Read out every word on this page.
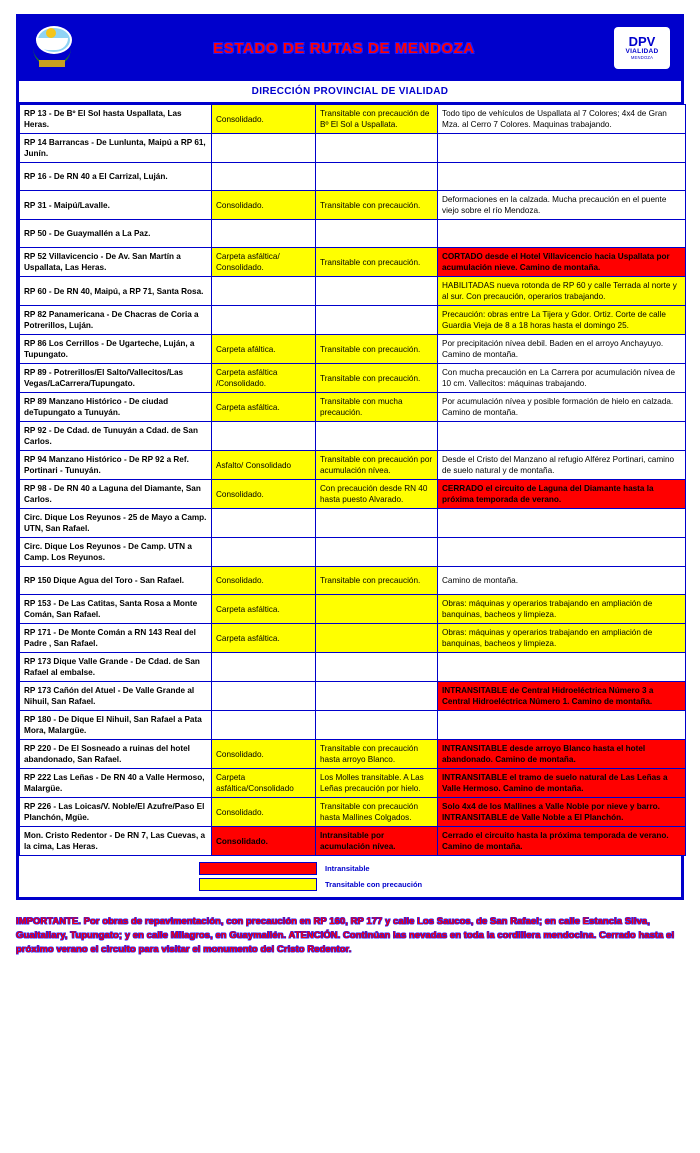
ESTADO DE RUTAS DE MENDOZA	DPV
VIALIDAD
MENDOZA
DIRECCIÓN PROVINCIAL DE VIALIDAD
RP 13 - De Bº El Sol hasta Uspallata, Las Heras.	Consolidado.	Transitable con precaución de Bº El Sol a Uspallata.	Todo tipo de vehículos de Uspallata al 7 Colores; 4x4 de Gran Mza. al Cerro 7 Colores. Maquinas trabajando.
RP 14 Barrancas - De Lunlunta, Maipú a RP 61, Junín.			
RP 16 - De RN 40 a El Carrizal, Luján.			
RP 31 - Maipú/Lavalle.	Consolidado.	Transitable con precaución.	Deformaciones en la calzada. Mucha precaución en el puente viejo sobre el río Mendoza.
RP 50 - De Guaymallén a La Paz.			
RP 52 Villavicencio - De Av. San Martín a Uspallata, Las Heras.	Carpeta asfáltica/ Consolidado.	Transitable con precaución.	CORTADO desde el Hotel Villavicencio hacia Uspallata por acumulación nieve. Camino de montaña.
RP 60 - De RN 40, Maipú, a RP 71, Santa Rosa.			HABILITADAS nueva rotonda de RP 60 y calle Terrada al norte y al sur. Con precaución, operarios trabajando.
RP 82 Panamericana - De Chacras de Coria a Potrerillos, Luján.			Precaución: obras entre La Tijera y Gdor. Ortiz. Corte de calle Guardia Vieja de 8 a 18 horas hasta el domingo 25.
RP 86 Los Cerrillos - De Ugarteche, Luján, a Tupungato.	Carpeta afáltica.	Transitable con precaución.	Por precipitación nívea debil. Baden en el arroyo Anchayuyo. Camino de montaña.
RP 89 - Potrerillos/El Salto/Vallecitos/Las Vegas/LaCarrera/Tupungato.	Carpeta asfáltica /Consolidado.	Transitable con precaución.	Con mucha precaución en La Carrera por acumulación nívea de 10 cm. Vallecitos: máquinas trabajando.
RP 89 Manzano Histórico - De ciudad deTupungato a Tunuyán.	Carpeta asfáltica.	Transitable con mucha precaución.	Por acumulación nívea y posible formación de hielo en calzada. Camino de montaña.
RP 92 - De Cdad. de Tunuyán a Cdad. de San Carlos.			
RP 94 Manzano Histórico - De RP 92 a Ref. Portinari - Tunuyán.	Asfalto/ Consolidado	Transitable con precaución por acumulación nívea.	Desde el Cristo del Manzano al refugio Alférez Portinari, camino de suelo natural y de montaña.
RP 98 - De RN 40 a Laguna del Diamante, San Carlos.	Consolidado.	Con precaución desde RN 40 hasta puesto Alvarado.	CERRADO el circuito de Laguna del Diamante hasta la próxima temporada de verano.
Circ. Dique Los Reyunos - 25 de Mayo a Camp. UTN, San Rafael.			
Circ. Dique Los Reyunos - De Camp. UTN a Camp. Los Reyunos.			
RP 150 Dique Agua del Toro - San Rafael.	Consolidado.	Transitable con precaución.	Camino de montaña.
RP 153 - De Las Catitas, Santa Rosa a Monte Comán, San Rafael.	Carpeta asfáltica.		Obras: máquinas y operarios trabajando en ampliación de banquinas, bacheos y limpieza.
RP 171 - De Monte Comán a RN 143 Real del Padre , San Rafael.	Carpeta asfáltica.		Obras: máquinas y operarios trabajando en ampliación de banquinas, bacheos y limpieza.
RP 173 Dique Valle Grande - De Cdad. de San Rafael al embalse.			
RP 173 Cañón del Atuel - De Valle Grande al Nihuil, San Rafael.			INTRANSITABLE de Central Hidroeléctrica Número 3 a Central Hidroeléctrica Número 1. Camino de montaña.
RP 180 - De Dique El Nihuil, San Rafael a Pata Mora, Malargüe.			
RP 220 - De El Sosneado a ruinas del hotel abandonado, San Rafael.	Consolidado.	Transitable con precaución hasta arroyo Blanco.	INTRANSITABLE desde arroyo Blanco hasta el hotel abandonado. Camino de montaña.
RP 222 Las Leñas - De RN 40 a Valle Hermoso, Malargüe.	Carpeta asfáltica/Consolidado	Los Molles transitable. A Las Leñas precaución por hielo.	INTRANSITABLE el tramo de suelo natural de Las Leñas a Valle Hermoso. Camino de montaña.
RP 226 - Las Loicas/V. Noble/El Azufre/Paso El Planchón, Mgüe.	Consolidado.	Transitable con precaución hasta Mallines Colgados.	Solo 4x4 de los Mallines a Valle Noble por nieve y barro. INTRANSITABLE de Valle Noble a El Planchón.
Mon. Cristo Redentor - De RN 7, Las Cuevas, a la cima, Las Heras.	Consolidado.	Intransitable por acumulación nívea.	Cerrado el circuito hasta la próxima temporada de verano. Camino de montaña.
Intransitable
Transitable con precaución
IMPORTANTE. Por obras de repavimentación, con precaución en RP 160, RP 177 y calle Los Saucos, de San Rafael; en calle Estancia Silva, Gualtallary, Tupungato; y en calle Milagros, en Guaymallén. ATENCIÓN. Continúan las nevadas en toda la cordillera mendocina. Cerrado hasta el próximo verano el circuito para visitar el monumento del Cristo Redentor.
